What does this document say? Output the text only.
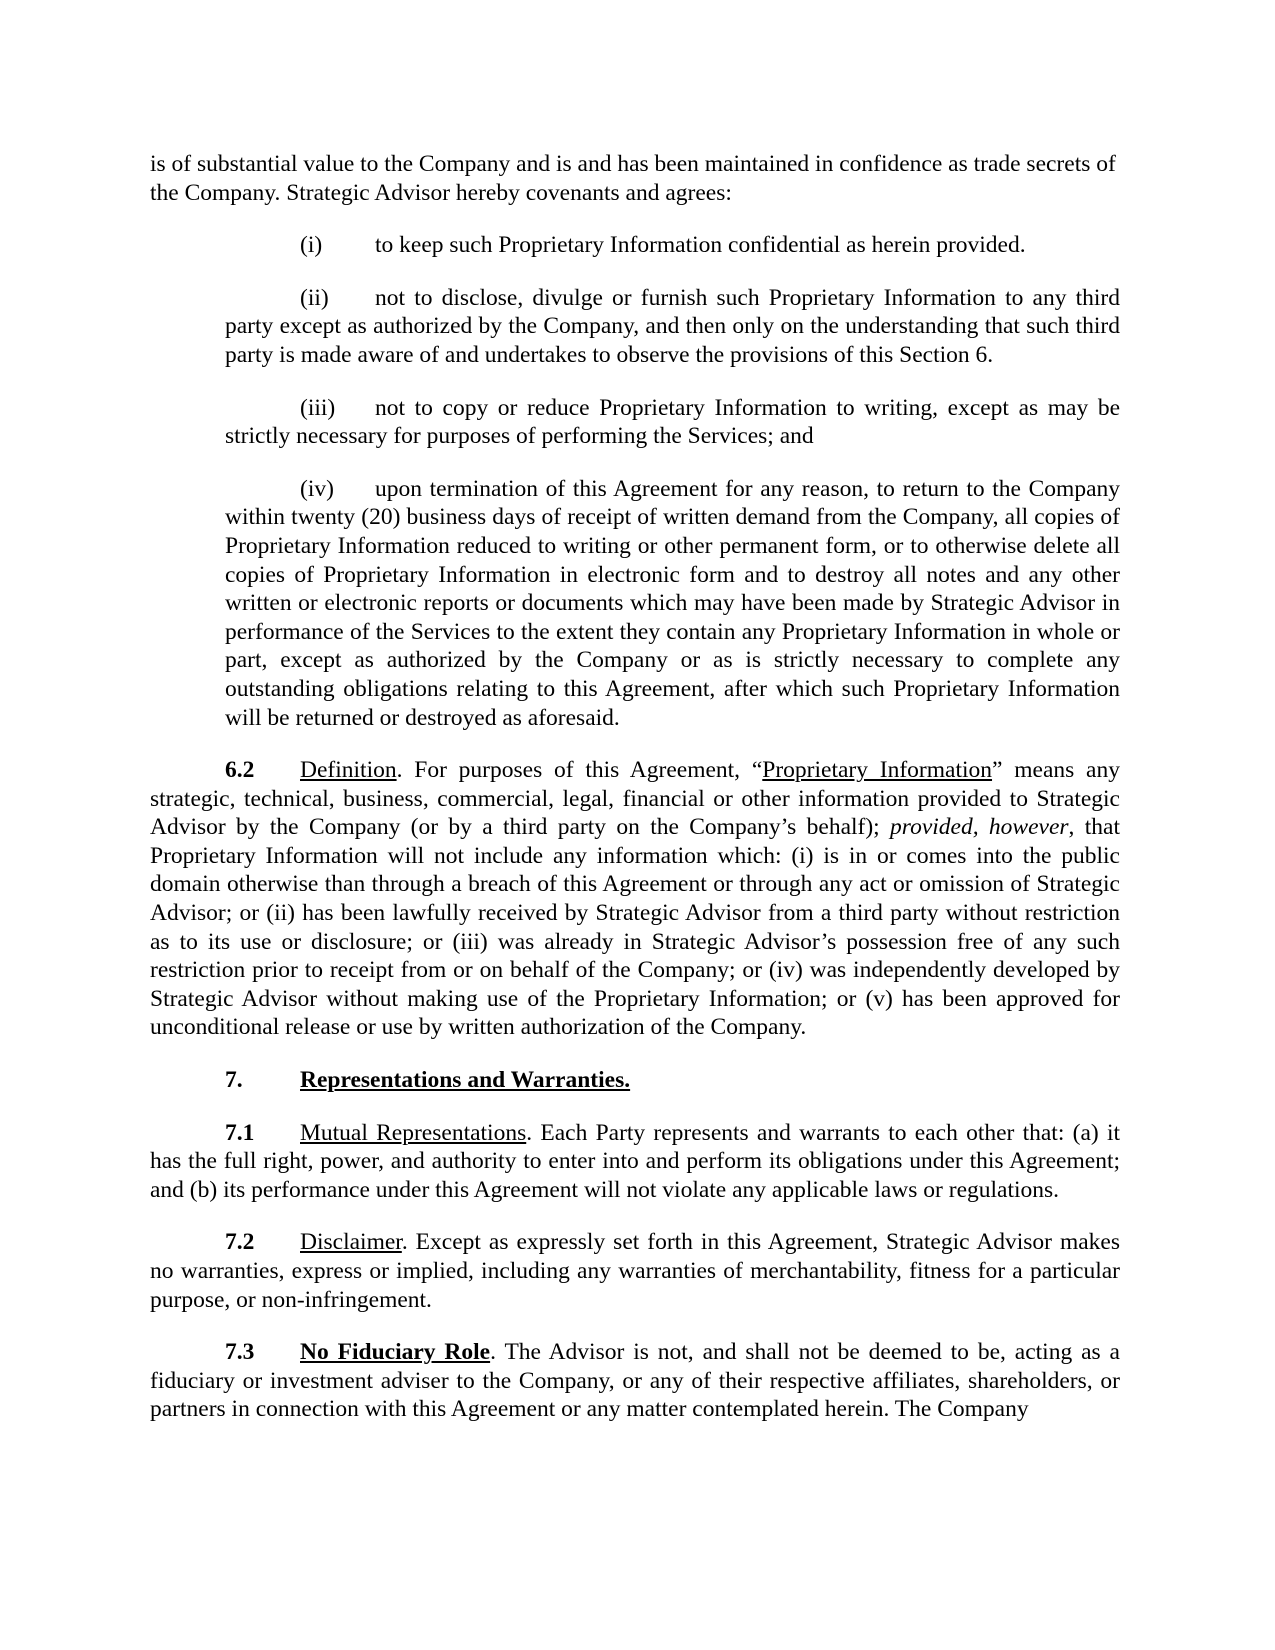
is of substantial value to the Company and is and has been maintained in confidence as trade secrets of the Company. Strategic Advisor hereby covenants and agrees:

(i) to keep such Proprietary Information confidential as herein provided.

(ii) not to disclose, divulge or furnish such Proprietary Information to any third party except as authorized by the Company, and then only on the understanding that such third party is made aware of and undertakes to observe the provisions of this Section 6.

(iii) not to copy or reduce Proprietary Information to writing, except as may be strictly necessary for purposes of performing the Services; and

(iv) upon termination of this Agreement for any reason, to return to the Company within twenty (20) business days of receipt of written demand from the Company, all copies of Proprietary Information reduced to writing or other permanent form, or to otherwise delete all copies of Proprietary Information in electronic form and to destroy all notes and any other written or electronic reports or documents which may have been made by Strategic Advisor in performance of the Services to the extent they contain any Proprietary Information in whole or part, except as authorized by the Company or as is strictly necessary to complete any outstanding obligations relating to this Agreement, after which such Proprietary Information will be returned or destroyed as aforesaid.

6.2 Definition. For purposes of this Agreement, “Proprietary Information” means any strategic, technical, business, commercial, legal, financial or other information provided to Strategic Advisor by the Company (or by a third party on the Company’s behalf); provided, however, that Proprietary Information will not include any information which: (i) is in or comes into the public domain otherwise than through a breach of this Agreement or through any act or omission of Strategic Advisor; or (ii) has been lawfully received by Strategic Advisor from a third party without restriction as to its use or disclosure; or (iii) was already in Strategic Advisor’s possession free of any such restriction prior to receipt from or on behalf of the Company; or (iv) was independently developed by Strategic Advisor without making use of the Proprietary Information; or (v) has been approved for unconditional release or use by written authorization of the Company.

7. Representations and Warranties.

7.1 Mutual Representations. Each Party represents and warrants to each other that: (a) it has the full right, power, and authority to enter into and perform its obligations under this Agreement; and (b) its performance under this Agreement will not violate any applicable laws or regulations.

7.2 Disclaimer. Except as expressly set forth in this Agreement, Strategic Advisor makes no warranties, express or implied, including any warranties of merchantability, fitness for a particular purpose, or non-infringement.

7.3 No Fiduciary Role. The Advisor is not, and shall not be deemed to be, acting as a fiduciary or investment adviser to the Company, or any of their respective affiliates, shareholders, or partners in connection with this Agreement or any matter contemplated herein. The Company
